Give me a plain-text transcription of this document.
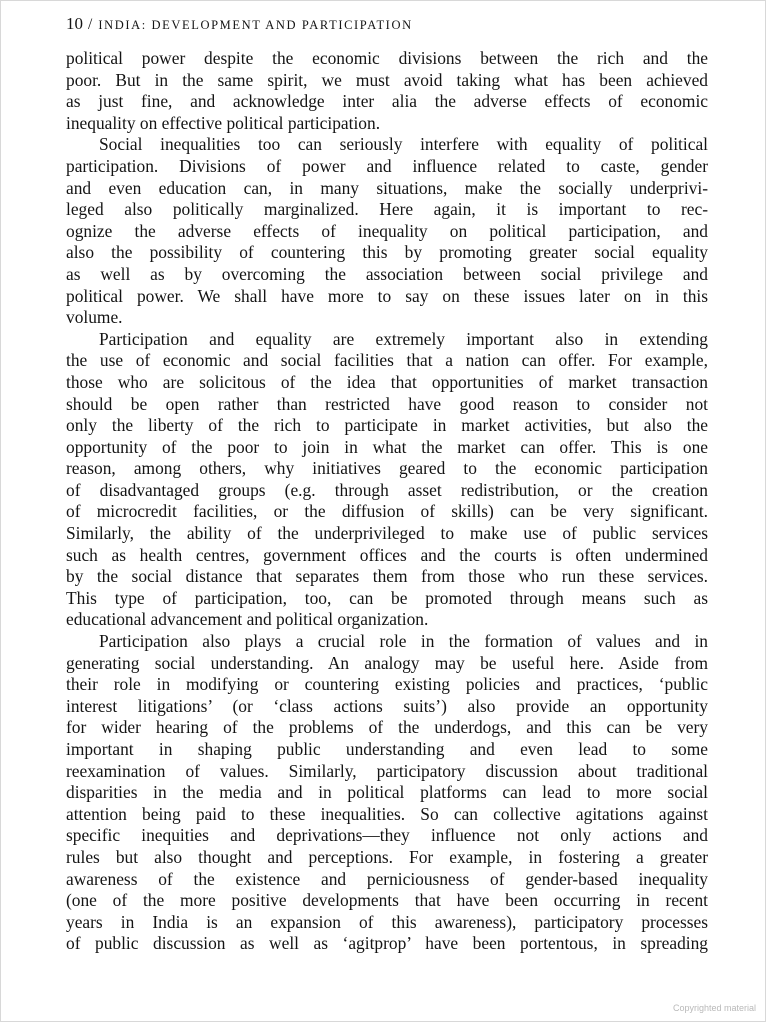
10 / INDIA: DEVELOPMENT AND PARTICIPATION
political power despite the economic divisions between the rich and the
poor. But in the same spirit, we must avoid taking what has been achieved
as just fine, and acknowledge inter alia the adverse effects of economic
inequality on effective political participation.
Social inequalities too can seriously interfere with equality of political
participation. Divisions of power and influence related to caste, gender
and even education can, in many situations, make the socially underprivi-
leged also politically marginalized. Here again, it is important to rec-
ognize the adverse effects of inequality on political participation, and
also the possibility of countering this by promoting greater social equality
as well as by overcoming the association between social privilege and
political power. We shall have more to say on these issues later on in this
volume.
Participation and equality are extremely important also in extending
the use of economic and social facilities that a nation can offer. For example,
those who are solicitous of the idea that opportunities of market transaction
should be open rather than restricted have good reason to consider not
only the liberty of the rich to participate in market activities, but also the
opportunity of the poor to join in what the market can offer. This is one
reason, among others, why initiatives geared to the economic participation
of disadvantaged groups (e.g. through asset redistribution, or the creation
of microcredit facilities, or the diffusion of skills) can be very significant.
Similarly, the ability of the underprivileged to make use of public services
such as health centres, government offices and the courts is often undermined
by the social distance that separates them from those who run these services.
This type of participation, too, can be promoted through means such as
educational advancement and political organization.
Participation also plays a crucial role in the formation of values and in
generating social understanding. An analogy may be useful here. Aside from
their role in modifying or countering existing policies and practices, ‘public
interest litigations’ (or ‘class actions suits’) also provide an opportunity
for wider hearing of the problems of the underdogs, and this can be very
important in shaping public understanding and even lead to some
reexamination of values. Similarly, participatory discussion about traditional
disparities in the media and in political platforms can lead to more social
attention being paid to these inequalities. So can collective agitations against
specific inequities and deprivations—they influence not only actions and
rules but also thought and perceptions. For example, in fostering a greater
awareness of the existence and perniciousness of gender-based inequality
(one of the more positive developments that have been occurring in recent
years in India is an expansion of this awareness), participatory processes
of public discussion as well as ‘agitprop’ have been portentous, in spreading
Copyrighted material
